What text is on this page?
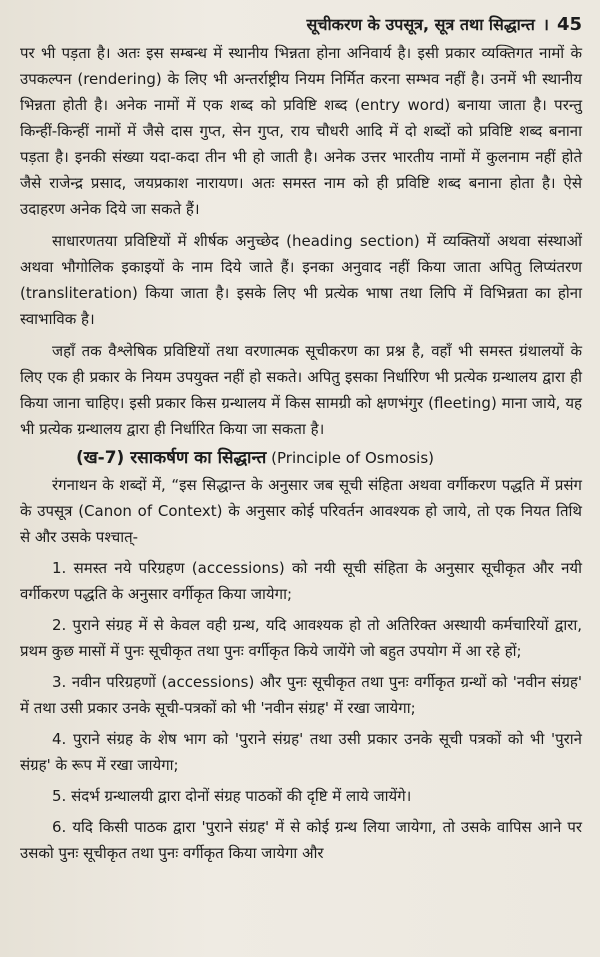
सूचीकरण के उपसूत्र, सूत्र तथा सिद्धान्त । 45

पर भी पड़ता है। अतः इस सम्बन्ध में स्थानीय भिन्नता होना अनिवार्य है। इसी प्रकार व्यक्तिगत नामों के उपकल्पन (rendering) के लिए भी अन्तर्राष्ट्रीय नियम निर्मित करना सम्भव नहीं है। उनमें भी स्थानीय भिन्नता होती है। अनेक नामों में एक शब्द को प्रविष्टि शब्द (entry word) बनाया जाता है। परन्तु किन्हीं-किन्हीं नामों में जैसे दास गुप्त, सेन गुप्त, राय चौधरी आदि में दो शब्दों को प्रविष्टि शब्द बनाना पड़ता है। इनकी संख्या यदा-कदा तीन भी हो जाती है। अनेक उत्तर भारतीय नामों में कुलनाम नहीं होते जैसे राजेन्द्र प्रसाद, जयप्रकाश नारायण। अतः समस्त नाम को ही प्रविष्टि शब्द बनाना होता है। ऐसे उदाहरण अनेक दिये जा सकते हैं।

साधारणतया प्रविष्टियों में शीर्षक अनुच्छेद (heading section) में व्यक्तियों अथवा संस्थाओं अथवा भौगोलिक इकाइयों के नाम दिये जाते हैं। इनका अनुवाद नहीं किया जाता अपितु लिप्यंतरण (transliteration) किया जाता है। इसके लिए भी प्रत्येक भाषा तथा लिपि में विभिन्नता का होना स्वाभाविक है।

जहाँ तक वैश्लेषिक प्रविष्टियों तथा वरणात्मक सूचीकरण का प्रश्न है, वहाँ भी समस्त ग्रंथालयों के लिए एक ही प्रकार के नियम उपयुक्त नहीं हो सकते। अपितु इसका निर्धारिण भी प्रत्येक ग्रन्थालय द्वारा ही किया जाना चाहिए। इसी प्रकार किस ग्रन्थालय में किस सामग्री को क्षणभंगुर (fleeting) माना जाये, यह भी प्रत्येक ग्रन्थालय द्वारा ही निर्धारित किया जा सकता है।

(ख-7) रसाकर्षण का सिद्धान्त (Principle of Osmosis)

रंगनाथन के शब्दों में, “इस सिद्धान्त के अनुसार जब सूची संहिता अथवा वर्गीकरण पद्धति में प्रसंग के उपसूत्र (Canon of Context) के अनुसार कोई परिवर्तन आवश्यक हो जाये, तो एक नियत तिथि से और उसके पश्चात्-

1. समस्त नये परिग्रहण (accessions) को नयी सूची संहिता के अनुसार सूचीकृत और नयी वर्गीकरण पद्धति के अनुसार वर्गीकृत किया जायेगा;

2. पुराने संग्रह में से केवल वही ग्रन्थ, यदि आवश्यक हो तो अतिरिक्त अस्थायी कर्मचारियों द्वारा, प्रथम कुछ मासों में पुनः सूचीकृत तथा पुनः वर्गीकृत किये जायेंगे जो बहुत उपयोग में आ रहे हों;

3. नवीन परिग्रहणों (accessions) और पुनः सूचीकृत तथा पुनः वर्गीकृत ग्रन्थों को 'नवीन संग्रह' में तथा उसी प्रकार उनके सूची-पत्रकों को भी 'नवीन संग्रह' में रखा जायेगा;

4. पुराने संग्रह के शेष भाग को 'पुराने संग्रह' तथा उसी प्रकार उनके सूची पत्रकों को भी 'पुराने संग्रह' के रूप में रखा जायेगा;

5. संदर्भ ग्रन्थालयी द्वारा दोनों संग्रह पाठकों की दृष्टि में लाये जायेंगे।

6. यदि किसी पाठक द्वारा 'पुराने संग्रह' में से कोई ग्रन्थ लिया जायेगा, तो उसके वापिस आने पर उसको पुनः सूचीकृत तथा पुनः वर्गीकृत किया जायेगा और
